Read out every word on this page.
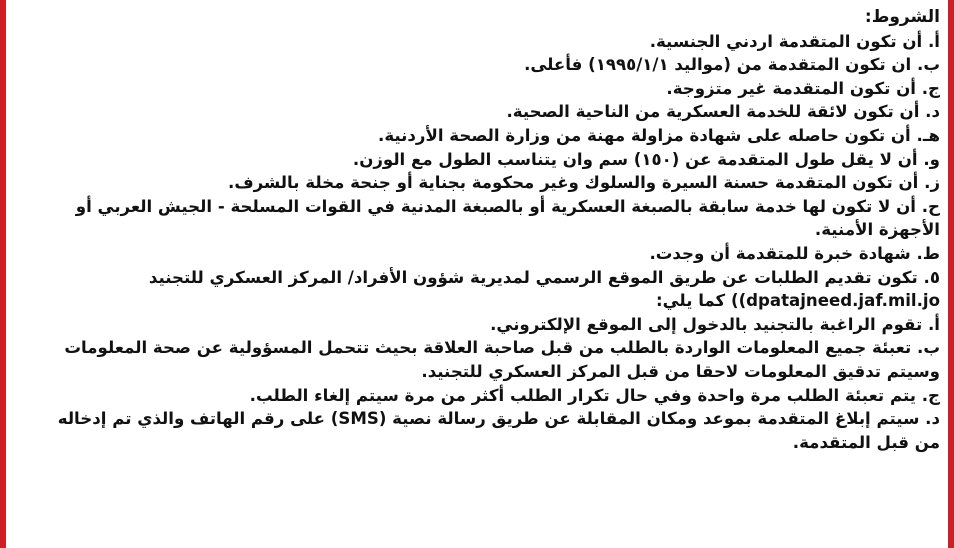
الشروط:
أ. أن تكون المتقدمة اردني الجنسية.
ب. ان تكون المتقدمة من (مواليد ١٩٩٥/١/١) فأعلى.
ج. أن تكون المتقدمة غير متزوجة.
د. أن تكون لائقة للخدمة العسكرية من الناحية الصحية.
هـ. أن تكون حاصله على شهادة مزاولة مهنة من وزارة الصحة الأردنية.
و. أن لا يقل طول المتقدمة عن (١٥٠) سم وان يتناسب الطول مع الوزن.
ز. أن تكون المتقدمة حسنة السيرة والسلوك وغير محكومة بجناية أو جنحة مخلة بالشرف.
ح. أن لا تكون لها خدمة سابقة بالصبغة العسكرية أو بالصبغة المدنية في القوات المسلحة - الجيش العربي أو
الأجهزة الأمنية.
ط. شهادة خبرة للمتقدمة أن وجدت.
٥. تكون تقديم الطلبات عن طريق الموقع الرسمي لمديرية شؤون الأفراد/ المركز العسكري للتجنيد
(dpatajneed.jaf.mil.jo) كما يلي:
أ. تقوم الراغبة بالتجنيد بالدخول إلى الموقع الإلكتروني.
ب. تعبئة جميع المعلومات الواردة بالطلب من قبل صاحبة العلاقة بحيث تتحمل المسؤولية عن صحة المعلومات
وسيتم تدقيق المعلومات لاحقا من قبل المركز العسكري للتجنيد.
ج. يتم تعبئة الطلب مرة واحدة وفي حال تكرار الطلب أكثر من مرة سيتم إلغاء الطلب.
د. سيتم إبلاغ المتقدمة بموعد ومكان المقابلة عن طريق رسالة نصية (SMS) على رقم الهاتف والذي تم إدخاله
من قبل المتقدمة.
